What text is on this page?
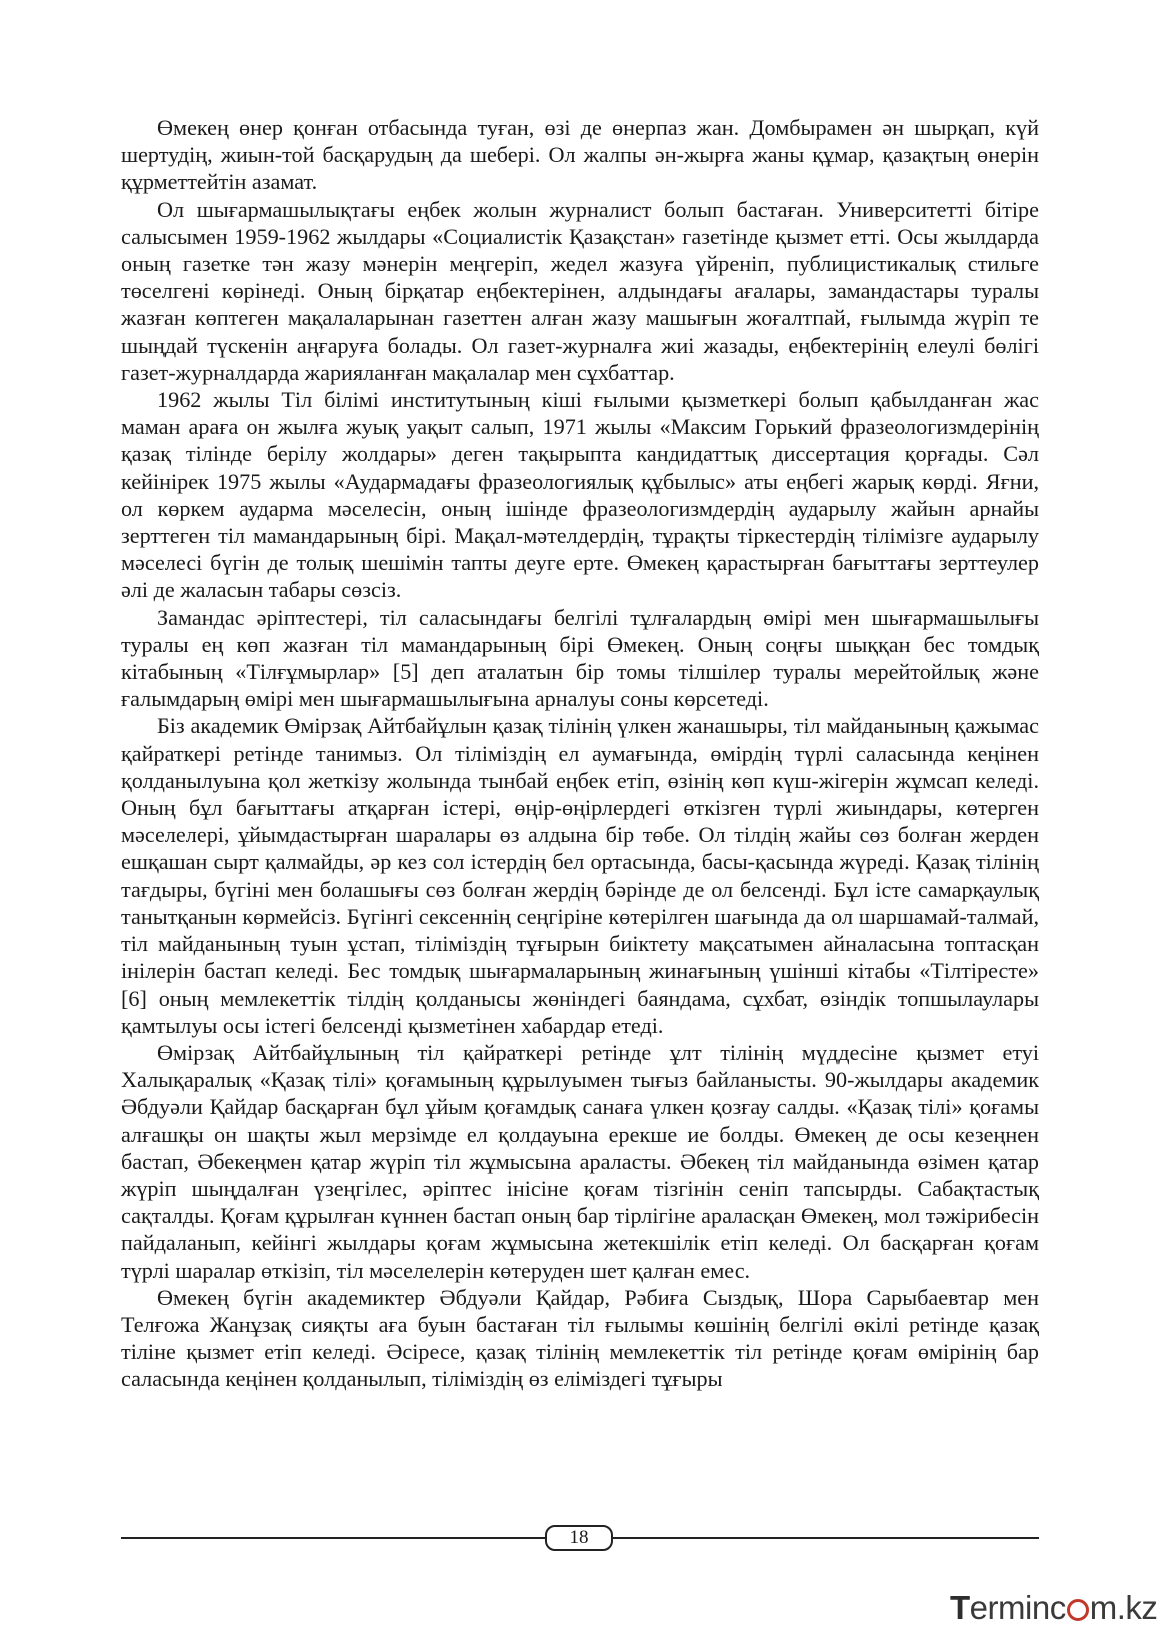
Өмекең өнер қонған отбасында туған, өзі де өнерпаз жан. Домбырамен ән шырқап, күй шертудің, жиын-той басқарудың да шебері. Ол жалпы ән-жырға жаны құмар, қазақтың өнерін құрметтейтін азамат.

Ол шығармашылықтағы еңбек жолын журналист болып бастаған. Университетті бітіре салысымен 1959-1962 жылдары «Социалистік Қазақстан» газетінде қызмет етті. Осы жылдарда оның газетке тән жазу мәнерін меңгеріп, жедел жазуға үйреніп, публицистикалық стильге төселгені көрінеді. Оның бірқатар еңбектерінен, алдындағы ағалары, замандастары туралы жазған көптеген мақалаларынан газеттен алған жазу машығын жоғалтпай, ғылымда жүріп те шыңдай түскенін аңғаруға болады. Ол газет-журналға жиі жазады, еңбектерінің елеулі бөлігі газет-журналдарда жарияланған мақалалар мен сұхбаттар.

1962 жылы Тіл білімі институтының кіші ғылыми қызметкері болып қабылданған жас маман араға он жылға жуық уақыт салып, 1971 жылы «Максим Горький фразеологизмдерінің қазақ тілінде берілу жолдары» деген тақырыпта кандидаттық диссертация қорғады. Сәл кейінірек 1975 жылы «Аудармадағы фразеологиялық құбылыс» аты еңбегі жарық көрді. Яғни, ол көркем аударма мәселесін, оның ішінде фразеологизмдердің аударылу жайын арнайы зерттеген тіл мамандарының бірі. Мақал-мәтелдердің, тұрақты тіркестердің тілімізге аударылу мәселесі бүгін де толық шешімін тапты деуге ерте. Өмекең қарастырған бағыттағы зерттеулер әлі де жаласын табары сөзсіз.

Замандас әріптестері, тіл саласындағы белгілі тұлғалардың өмірі мен шығармашылығы туралы ең көп жазған тіл мамандарының бірі Өмекең. Оның соңғы шыққан бес томдық кітабының «Тілғұмырлар» [5] деп аталатын бір томы тілшілер туралы мерейтойлық және ғалымдарың өмірі мен шығармашылығына арналуы соны көрсетеді.

Біз академик Өмірзақ Айтбайұлын қазақ тілінің үлкен жанашыры, тіл майданының қажымас қайраткері ретінде танимыз. Ол тіліміздің ел аумағында, өмірдің түрлі саласында кеңінен қолданылуына қол жеткізу жолында тынбай еңбек етіп, өзінің көп күш-жігерін жұмсап келеді. Оның бұл бағыттағы атқарған істері, өңір-өңірлердегі өткізген түрлі жиындары, көтерген мәселелері, ұйымдастырған шаралары өз алдына бір төбе. Ол тілдің жайы сөз болған жерден ешқашан сырт қалмайды, әр кез сол істердің бел ортасында, басы-қасында жүреді. Қазақ тілінің тағдыры, бүгіні мен болашығы сөз болған жердің бәрінде де ол белсенді. Бұл істе самарқаулық танытқанын көрмейсіз. Бүгінгі сексеннің сеңгіріне көтерілген шағында да ол шаршамай-талмай, тіл майданының туын ұстап, тіліміздің тұғырын биіктету мақсатымен айналасына топтасқан інілерін бастап келеді. Бес томдық шығармаларының жинағының үшінші кітабы «Тілтіресте» [6] оның мемлекеттік тілдің қолданысы жөніндегі баяндама, сұхбат, өзіндік топшылаулары қамтылуы осы істегі белсенді қызметінен хабардар етеді.

Өмірзақ Айтбайұлының тіл қайраткері ретінде ұлт тілінің мүддесіне қызмет етуі Халықаралық «Қазақ тілі» қоғамының құрылуымен тығыз байланысты. 90-жылдары академик Әбдуәли Қайдар басқарған бұл ұйым қоғамдық санаға үлкен қозғау салды. «Қазақ тілі» қоғамы алғашқы он шақты жыл мерзімде ел қолдауына ерекше ие болды. Өмекең де осы кезеңнен бастап, Әбекеңмен қатар жүріп тіл жұмысына араласты. Әбекең тіл майданында өзімен қатар жүріп шыңдалған үзеңгілес, әріптес інісіне қоғам тізгінін сеніп тапсырды. Сабақтастық сақталды. Қоғам құрылған күннен бастап оның бар тірлігіне араласқан Өмекең, мол тәжірибесін пайдаланып, кейінгі жылдары қоғам жұмысына жетекшілік етіп келеді. Ол басқарған қоғам түрлі шаралар өткізіп, тіл мәселелерін көтеруден шет қалған емес.

Өмекең бүгін академиктер Әбдуәли Қайдар, Рәбиға Сыздық, Шора Сарыбаевтар мен Телғожа Жанұзақ сияқты аға буын бастаған тіл ғылымы көшінің белгілі өкілі ретінде қазақ тіліне қызмет етіп келеді. Әсіресе, қазақ тілінің мемлекеттік тіл ретінде қоғам өмірінің бар саласында кеңінен қолданылып, тіліміздің өз еліміздегі тұғыры

18
Terminc m.kz
